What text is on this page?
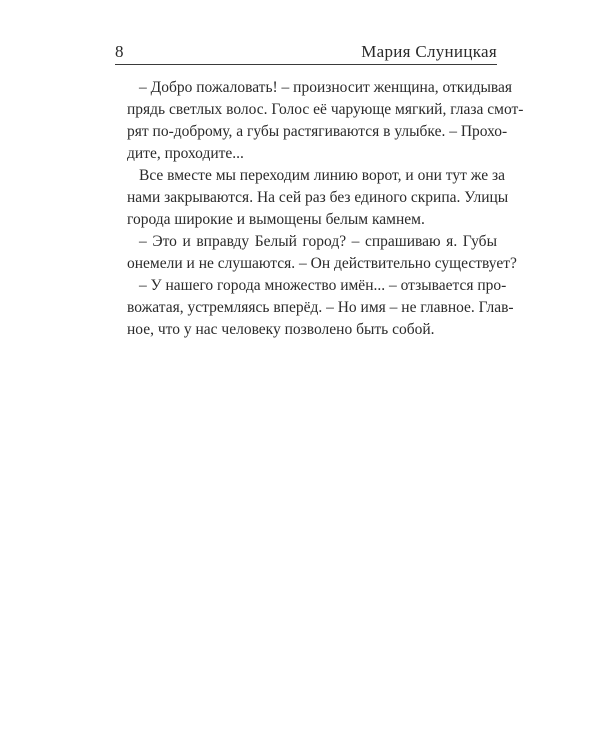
8	Мария Слуницкая

– Добро пожаловать! – произносит женщина, откидывая
прядь светлых волос. Голос её чарующе мягкий, глаза смот-
рят по-доброму, а губы растягиваются в улыбке. – Прохо-
дите, проходите...

Все вместе мы переходим линию ворот, и они тут же за
нами закрываются. На сей раз без единого скрипа. Улицы
города широкие и вымощены белым камнем.

– Это и вправду Белый город? – спрашиваю я. Губы
онемели и не слушаются. – Он действительно существует?

– У нашего города множество имён... – отзывается про-
вожатая, устремляясь вперёд. – Но имя – не главное. Глав-
ное, что у нас человеку позволено быть собой.
